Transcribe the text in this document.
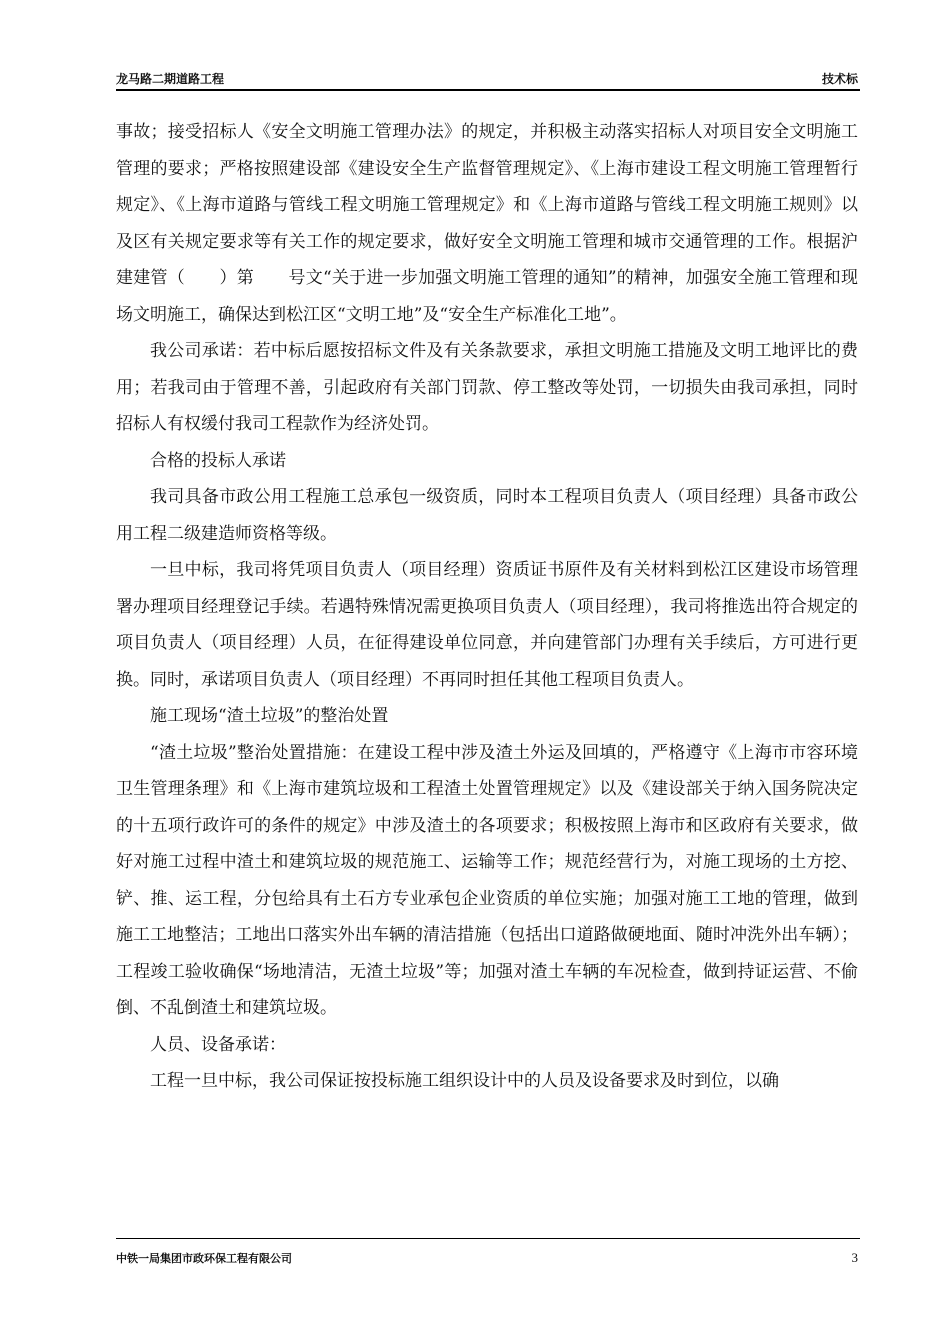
龙马路二期道路工程	技术标

事故；接受招标人《安全文明施工管理办法》的规定，并积极主动落实招标人对项目安全文明施工管理的要求；严格按照建设部《建设安全生产监督管理规定》、《上海市建设工程文明施工管理暂行规定》、《上海市道路与管线工程文明施工管理规定》和《上海市道路与管线工程文明施工规则》以及区有关规定要求等有关工作的规定要求，做好安全文明施工管理和城市交通管理的工作。根据沪建建管（　　）第　　号文“关于进一步加强文明施工管理的通知”的精神，加强安全施工管理和现场文明施工，确保达到松江区“文明工地”及“安全生产标准化工地”。

我公司承诺：若中标后愿按招标文件及有关条款要求，承担文明施工措施及文明工地评比的费用；若我司由于管理不善，引起政府有关部门罚款、停工整改等处罚，一切损失由我司承担，同时招标人有权缓付我司工程款作为经济处罚。

合格的投标人承诺

我司具备市政公用工程施工总承包一级资质，同时本工程项目负责人（项目经理）具备市政公用工程二级建造师资格等级。

一旦中标，我司将凭项目负责人（项目经理）资质证书原件及有关材料到松江区建设市场管理署办理项目经理登记手续。若遇特殊情况需更换项目负责人（项目经理），我司将推选出符合规定的项目负责人（项目经理）人员，在征得建设单位同意，并向建管部门办理有关手续后，方可进行更换。同时，承诺项目负责人（项目经理）不再同时担任其他工程项目负责人。

施工现场“渣土垃圾”的整治处置

“渣土垃圾”整治处置措施：在建设工程中涉及渣土外运及回填的，严格遵守《上海市市容环境卫生管理条理》和《上海市建筑垃圾和工程渣土处置管理规定》以及《建设部关于纳入国务院决定的十五项行政许可的条件的规定》中涉及渣土的各项要求；积极按照上海市和区政府有关要求，做好对施工过程中渣土和建筑垃圾的规范施工、运输等工作；规范经营行为，对施工现场的土方挖、铲、推、运工程，分包给具有土石方专业承包企业资质的单位实施；加强对施工工地的管理，做到施工工地整洁；工地出口落实外出车辆的清洁措施（包括出口道路做硬地面、随时冲洗外出车辆）；工程竣工验收确保“场地清洁，无渣土垃圾”等；加强对渣土车辆的车况检查，做到持证运营、不偷倒、不乱倒渣土和建筑垃圾。

人员、设备承诺：

工程一旦中标，我公司保证按投标施工组织设计中的人员及设备要求及时到位，以确

中铁一局集团市政环保工程有限公司	3
